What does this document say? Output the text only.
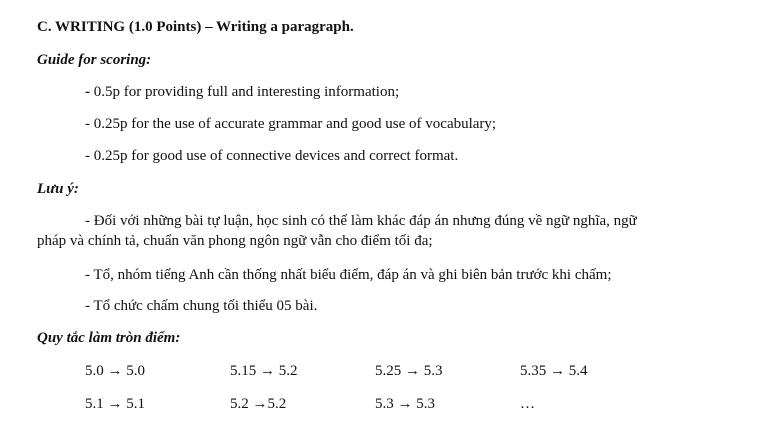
C. WRITING (1.0 Points) – Writing a paragraph.
Guide for scoring:
- 0.5p for providing full and interesting information;
- 0.25p for the use of accurate grammar and good use of vocabulary;
- 0.25p for good use of connective devices and correct format.
Lưu ý:
- Đối với những bài tự luận, học sinh có thể làm khác đáp án nhưng đúng về ngữ nghĩa, ngữ
pháp và chính tả, chuẩn văn phong ngôn ngữ vẫn cho điểm tối đa;
- Tổ, nhóm tiếng Anh cần thống nhất biểu điểm, đáp án và ghi biên bản trước khi chấm;
- Tổ chức chấm chung tối thiểu 05 bài.
Quy tắc làm tròn điểm:
5.0 → 5.0	5.15 → 5.2	5.25 → 5.3	5.35 → 5.4
5.1 → 5.1	5.2 →5.2	5.3 → 5.3	…
